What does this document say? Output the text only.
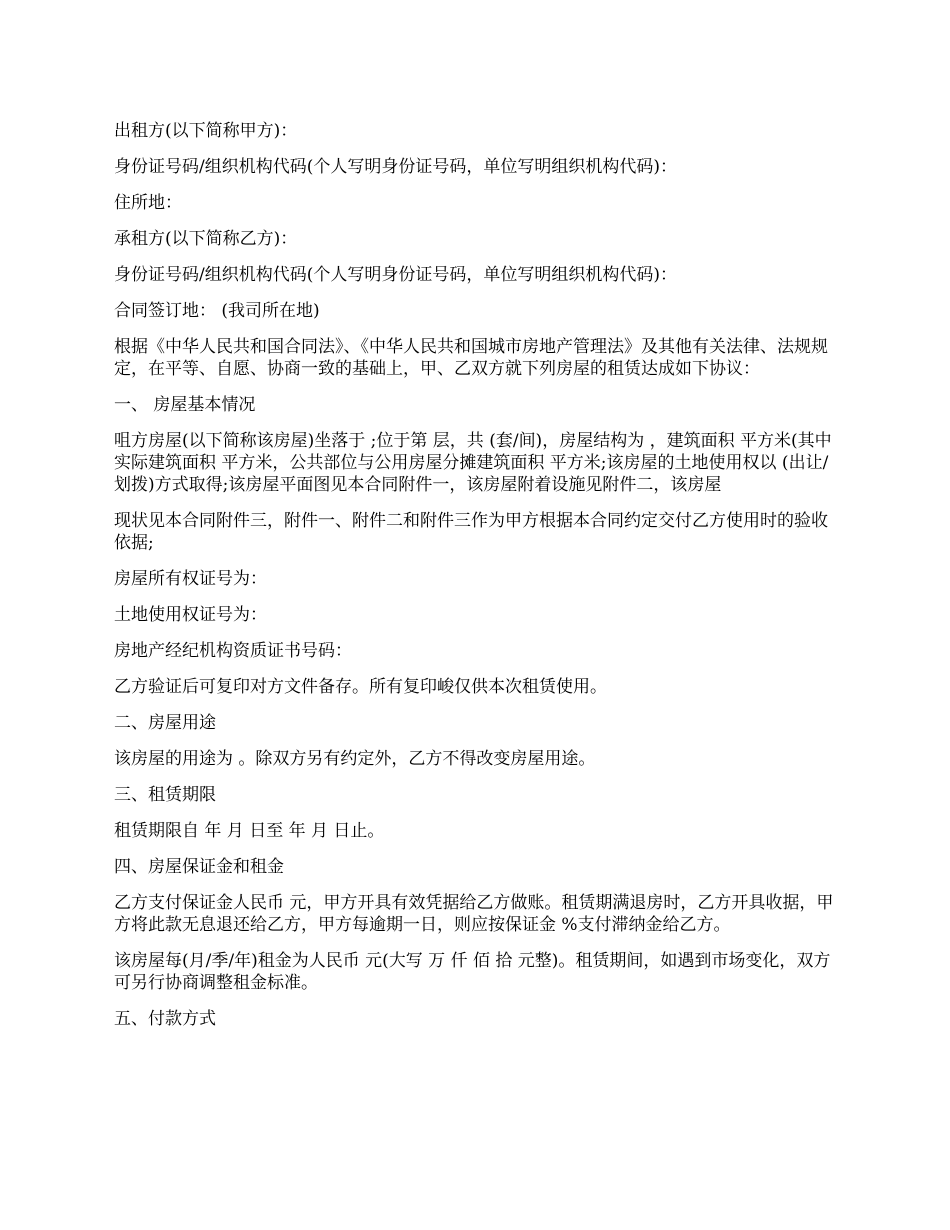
出租方(以下简称甲方)：

身份证号码/组织机构代码(个人写明身份证号码，单位写明组织机构代码)：

住所地：

承租方(以下简称乙方)：

身份证号码/组织机构代码(个人写明身份证号码，单位写明组织机构代码)：

合同签订地： (我司所在地)

根据《中华人民共和国合同法》、《中华人民共和国城市房地产管理法》及其他有关法律、法规规定，在平等、自愿、协商一致的基础上，甲、乙双方就下列房屋的租赁达成如下协议：

一、 房屋基本情况

咀方房屋(以下简称该房屋)坐落于 ;位于第 层，共 (套/间)，房屋结构为 ，建筑面积 平方米(其中实际建筑面积 平方米，公共部位与公用房屋分摊建筑面积 平方米;该房屋的土地使用权以 (出让/划拨)方式取得;该房屋平面图见本合同附件一，该房屋附着设施见附件二，该房屋

现状见本合同附件三，附件一、附件二和附件三作为甲方根据本合同约定交付乙方使用时的验收依据;

房屋所有权证号为：

土地使用权证号为：

房地产经纪机构资质证书号码：

乙方验证后可复印对方文件备存。所有复印峻仅供本次租赁使用。

二、房屋用途

该房屋的用途为 。除双方另有约定外，乙方不得改变房屋用途。

三、租赁期限

租赁期限自 年 月 日至 年 月 日止。

四、房屋保证金和租金

乙方支付保证金人民币 元，甲方开具有效凭据给乙方做账。租赁期满退房时，乙方开具收据，甲方将此款无息退还给乙方，甲方每逾期一日，则应按保证金 %支付滞纳金给乙方。

该房屋每(月/季/年)租金为人民币 元(大写 万 仟 佰 拾 元整)。租赁期间，如遇到市场变化，双方可另行协商调整租金标准。

五、付款方式
